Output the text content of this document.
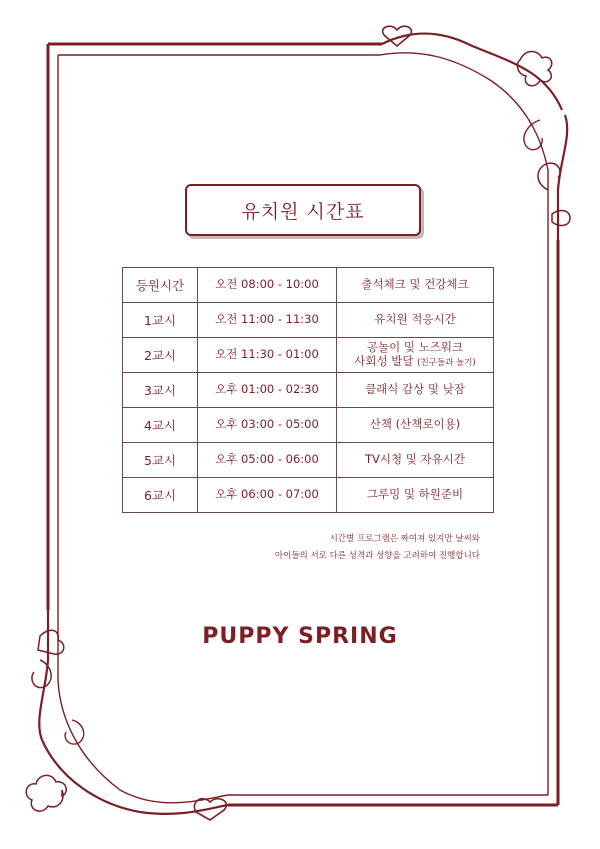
유치원 시간표
등원시간	오전 08:00 - 10:00	출석체크 및 건강체크
1교시	오전 11:00 - 11:30	유치원 적응시간
2교시	오전 11:30 - 01:00	공놀이 및 노즈워크
사회성 발달 (친구들과 놀기)

3교시	오후 01:00 - 02:30	클래식 감상 및 낮잠
4교시	오후 03:00 - 05:00	산책 (산책로이용)
5교시	오후 05:00 - 06:00	TV시청 및 자유시간
6교시	오후 06:00 - 07:00	그루밍 및 하원준비
시간별 프로그램은 짜여져 있지만 날씨와
아이들의 서로 다른 성격과 성향을 고려하여 진행합니다
PUPPY SPRING
